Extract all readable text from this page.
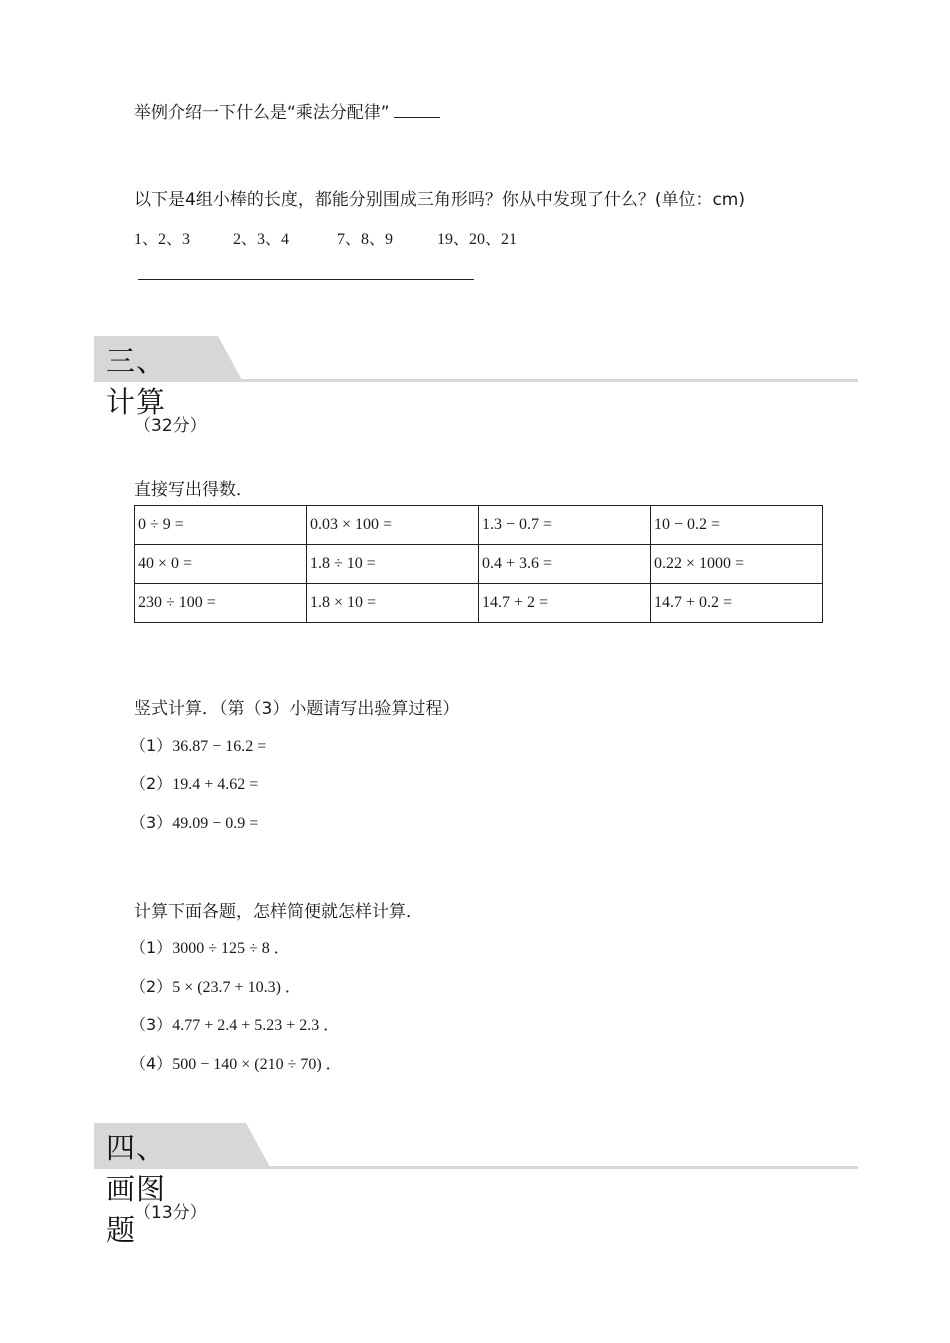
举例介绍一下什么是“乘法分配律”
以下是4组小棒的长度，都能分别围成三角形吗？你从中发现了什么？(单位：cm)
1、2、3	2、3、4	7、8、9	19、20、21
三、计算
（32分）
直接写出得数．
0 ÷ 9 =	0.03 × 100 =	1.3 − 0.7 =	10 − 0.2 =
40 × 0 =	1.8 ÷ 10 =	0.4 + 3.6 =	0.22 × 1000 =
230 ÷ 100 =	1.8 × 10 =	14.7 + 2 =	14.7 + 0.2 =
竖式计算．（第（3）小题请写出验算过程）
（1）36.87 − 16.2 =
（2）19.4 + 4.62 =
（3）49.09 − 0.9 =
计算下面各题，怎样简便就怎样计算．
（1）3000 ÷ 125 ÷ 8 ．
（2）5 × (23.7 + 10.3) ．
（3）4.77 + 2.4 + 5.23 + 2.3 ．
（4）500 − 140 × (210 ÷ 70) ．
四、画图题
（13分）
